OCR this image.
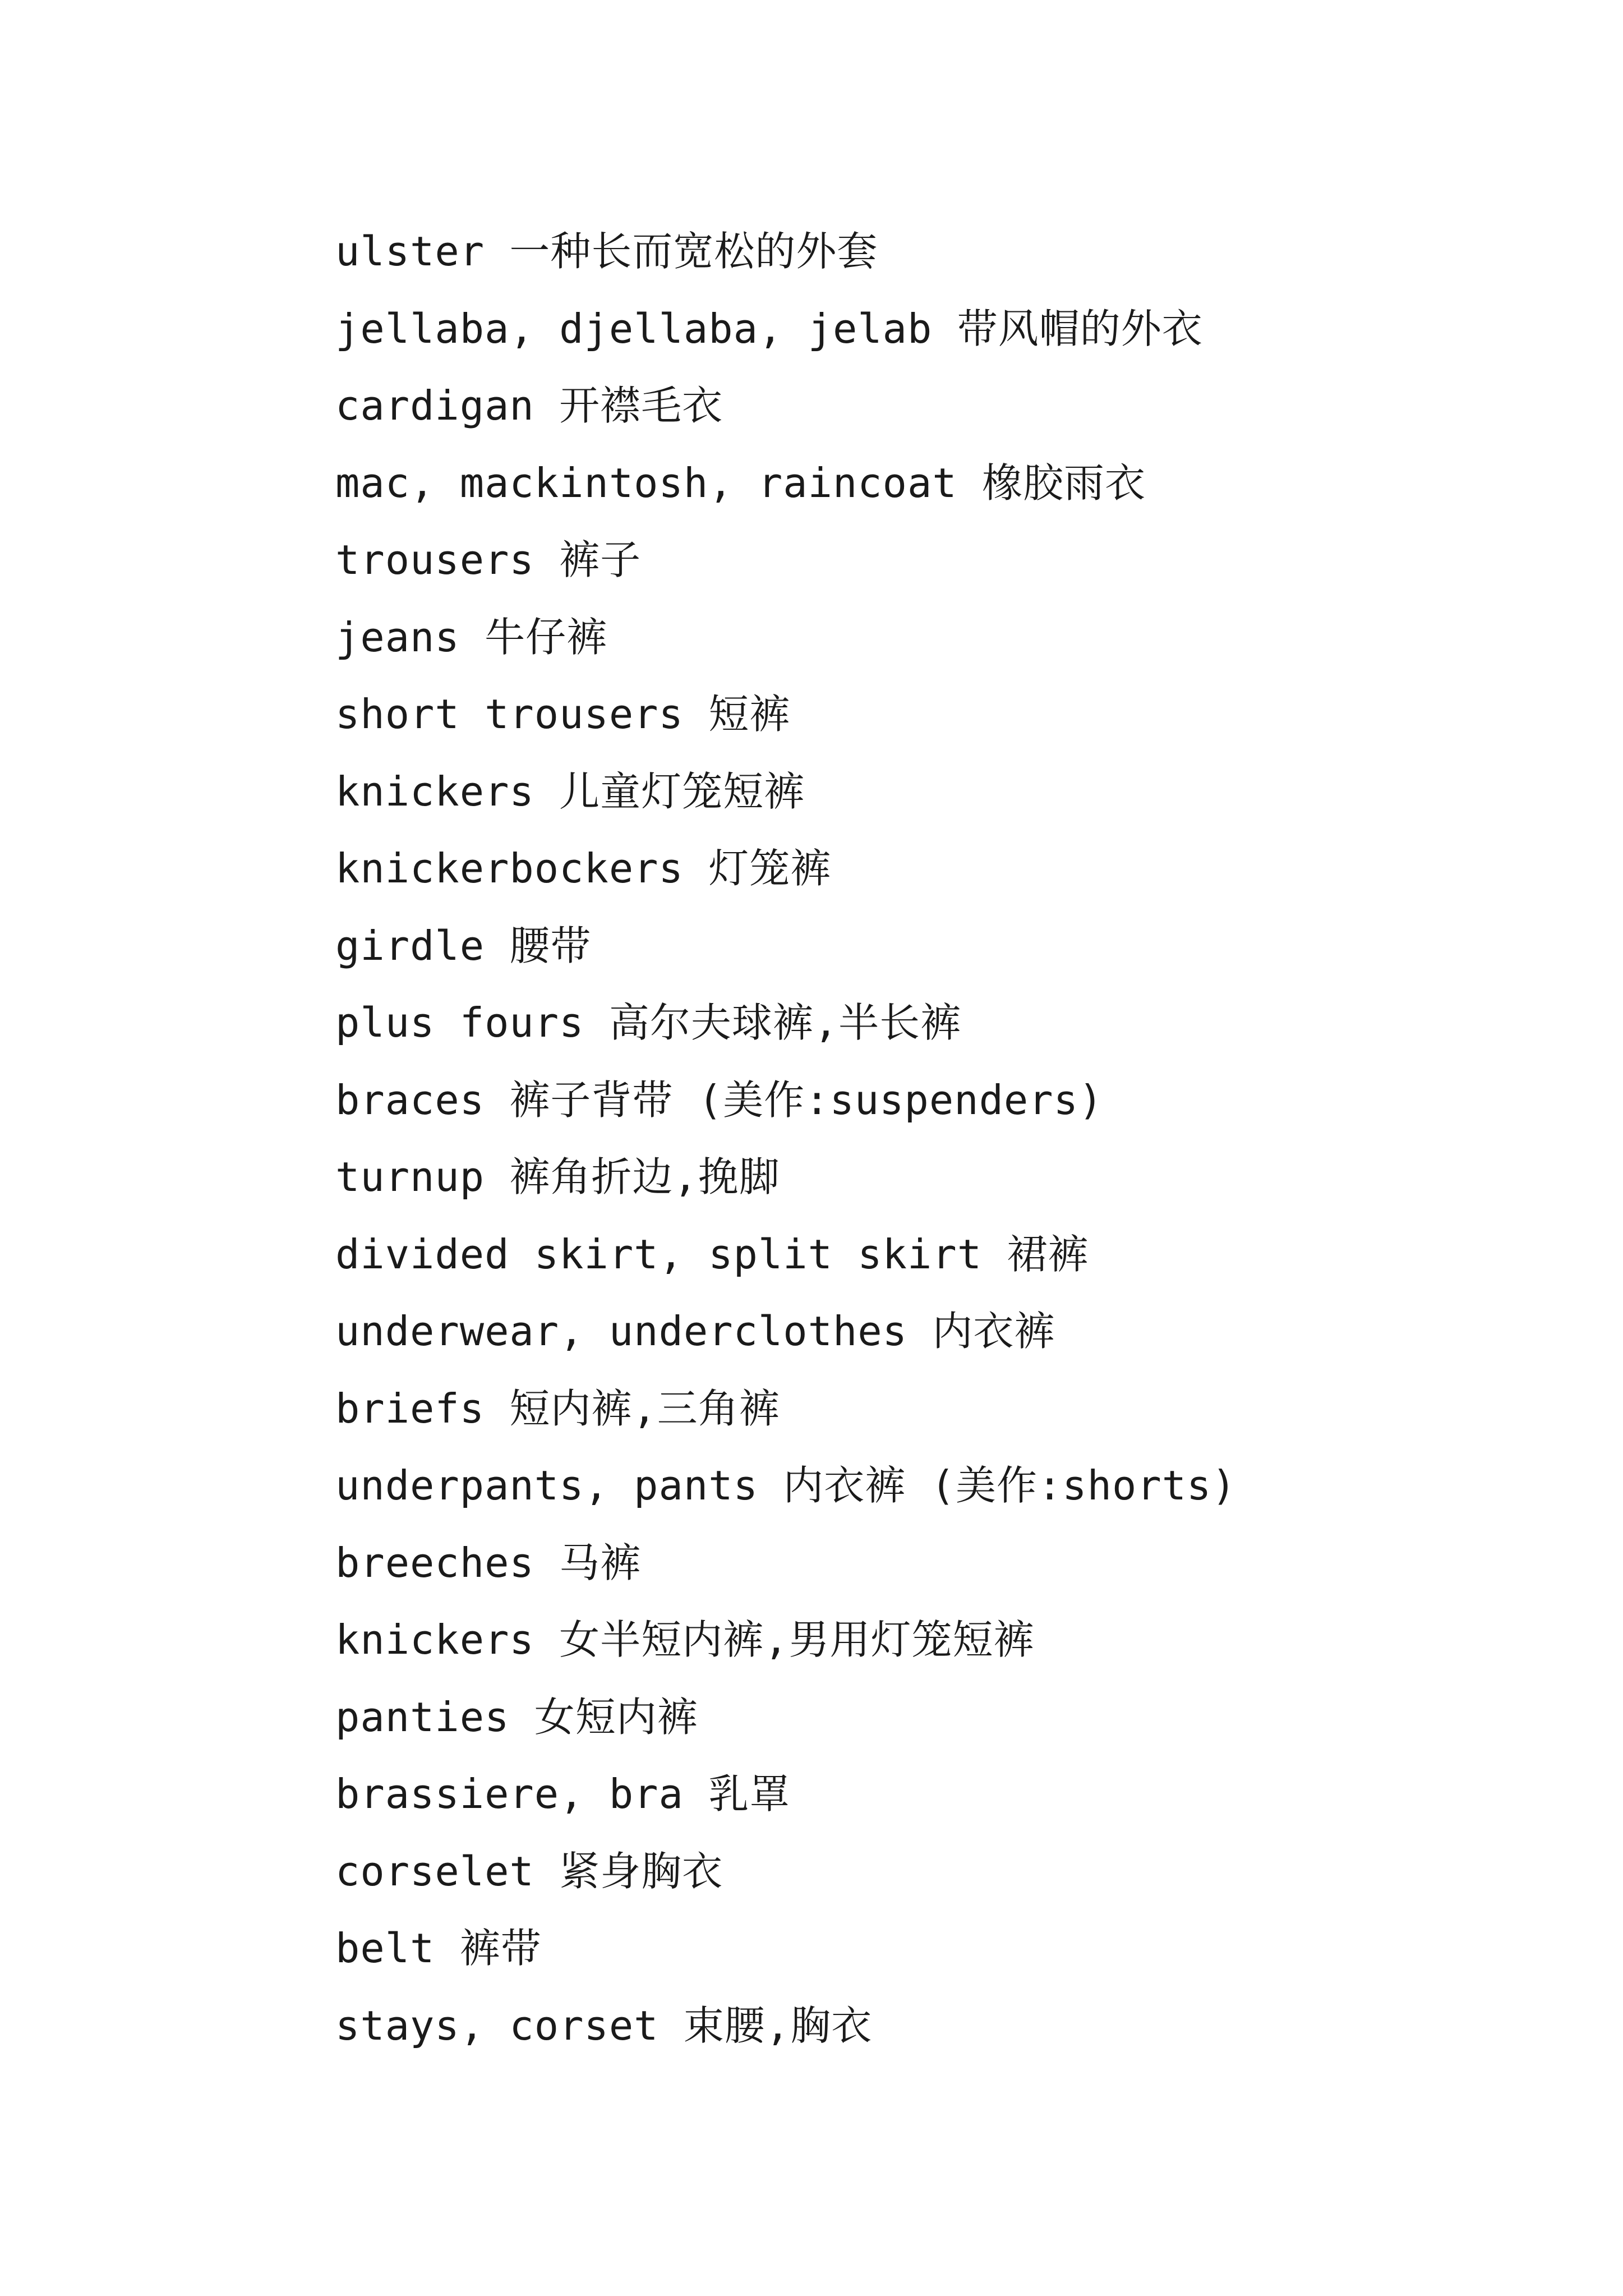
ulster 一种长而宽松的外套
jellaba, djellaba, jelab 带风帽的外衣
cardigan 开襟毛衣
mac, mackintosh, raincoat 橡胶雨衣
trousers 裤子
jeans 牛仔裤
short trousers 短裤
knickers 儿童灯笼短裤
knickerbockers 灯笼裤
girdle 腰带
plus fours 高尔夫球裤,半长裤
braces 裤子背带 (美作:suspenders)
turnup 裤角折边,挽脚
divided skirt, split skirt 裙裤
underwear, underclothes 内衣裤
briefs 短内裤,三角裤
underpants, pants 内衣裤 (美作:shorts)
breeches 马裤
knickers 女半短内裤,男用灯笼短裤
panties 女短内裤
brassiere, bra 乳罩
corselet 紧身胸衣
belt 裤带
stays, corset 束腰,胸衣
